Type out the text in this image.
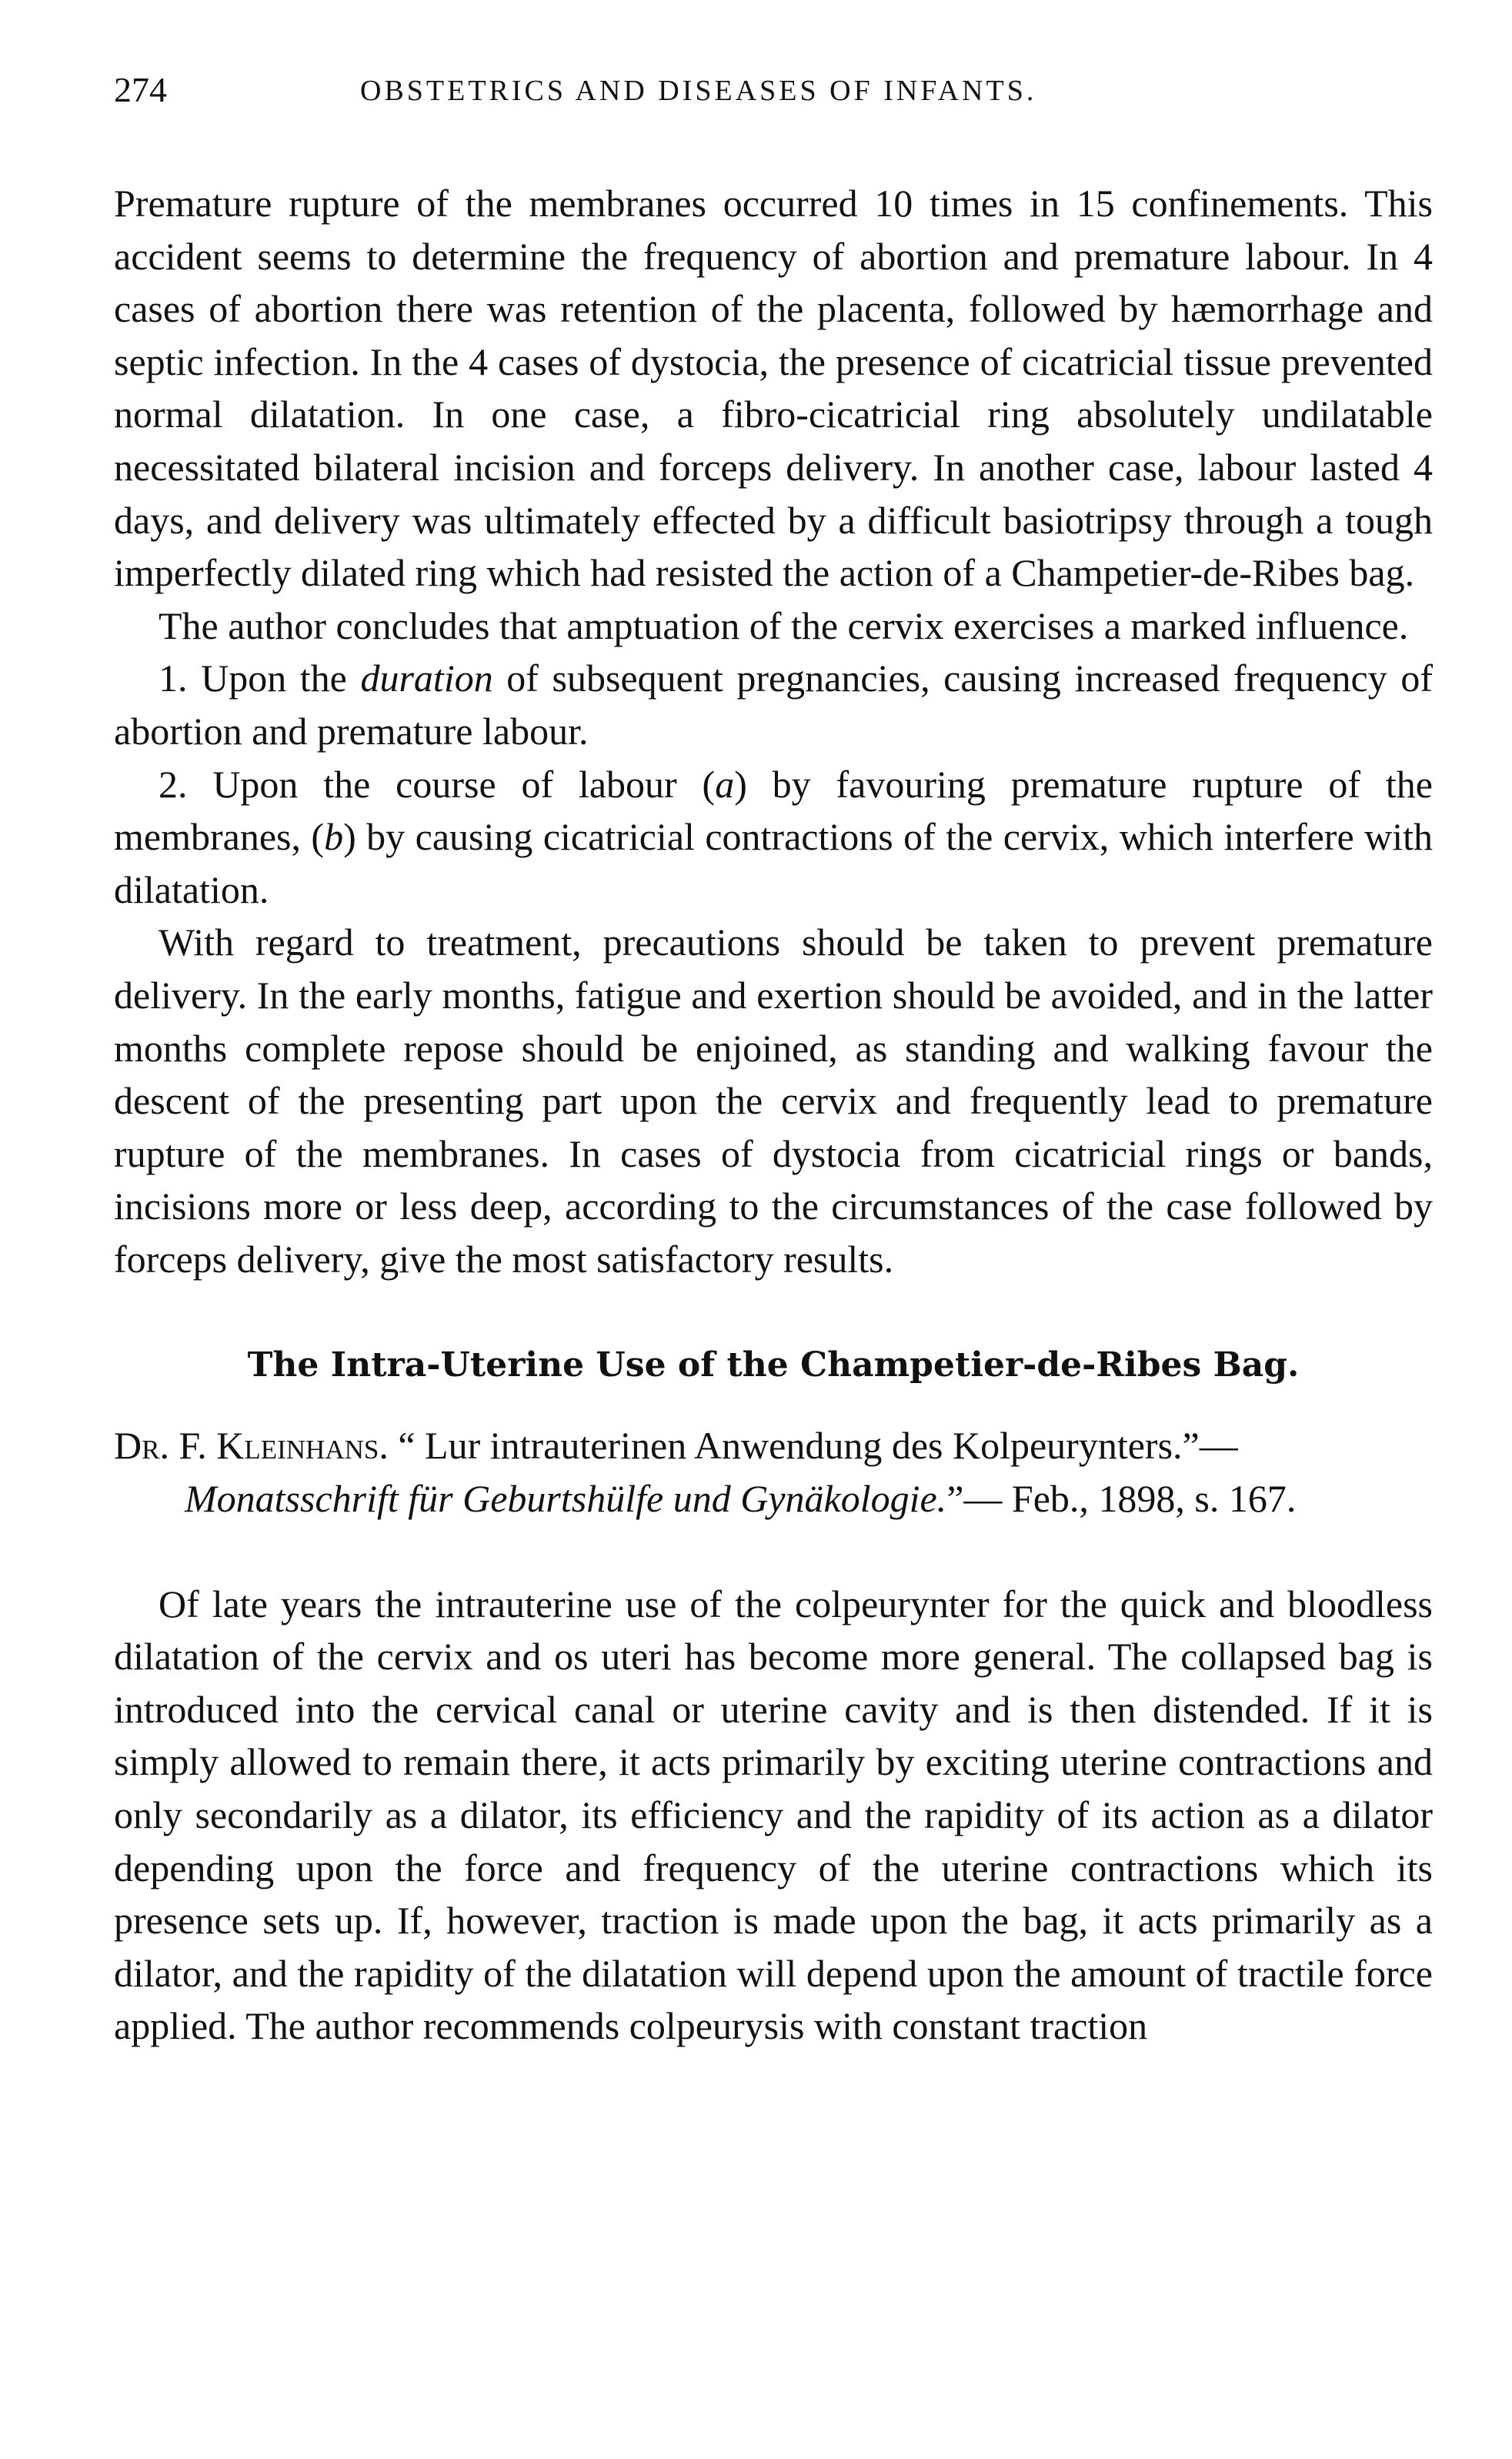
274	OBSTETRICS AND DISEASES OF INFANTS.

Premature rupture of the membranes occurred 10 times in 15 confinements. This accident seems to determine the frequency of abortion and premature labour. In 4 cases of abortion there was retention of the placenta, followed by hæmorrhage and septic infection. In the 4 cases of dystocia, the presence of cicatricial tissue prevented normal dilatation. In one case, a fibro-cicatricial ring absolutely undilatable necessitated bilateral incision and forceps delivery. In another case, labour lasted 4 days, and delivery was ultimately effected by a difficult basiotripsy through a tough imperfectly dilated ring which had resisted the action of a Champetier-de-Ribes bag.

The author concludes that amptuation of the cervix exercises a marked influence.

1. Upon the duration of subsequent pregnancies, causing increased frequency of abortion and premature labour.

2. Upon the course of labour (a) by favouring premature rupture of the membranes, (b) by causing cicatricial contractions of the cervix, which interfere with dilatation.

With regard to treatment, precautions should be taken to prevent premature delivery. In the early months, fatigue and exertion should be avoided, and in the latter months complete repose should be enjoined, as standing and walking favour the descent of the presenting part upon the cervix and frequently lead to premature rupture of the membranes. In cases of dystocia from cicatricial rings or bands, incisions more or less deep, according to the circumstances of the case followed by forceps delivery, give the most satisfactory results.

The Intra-Uterine Use of the Champetier-de-Ribes Bag.

Dr. F. Kleinhans. “ Lur intrauterinen Anwendung des Kolpeurynters.”—Monatsschrift für Geburtshülfe und Gynäkologie.”— Feb., 1898, s. 167.

Of late years the intrauterine use of the colpeurynter for the quick and bloodless dilatation of the cervix and os uteri has become more general. The collapsed bag is introduced into the cervical canal or uterine cavity and is then distended. If it is simply allowed to remain there, it acts primarily by exciting uterine contractions and only secondarily as a dilator, its efficiency and the rapidity of its action as a dilator depending upon the force and frequency of the uterine contractions which its presence sets up. If, however, traction is made upon the bag, it acts primarily as a dilator, and the rapidity of the dilatation will depend upon the amount of tractile force applied. The author recommends colpeurysis with constant traction
